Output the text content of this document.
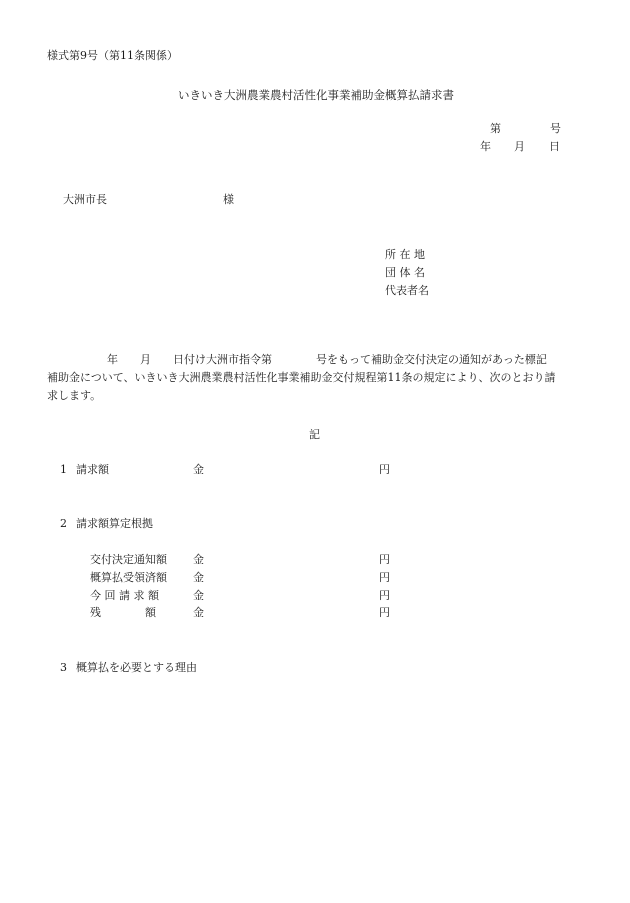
様式第9号（第11条関係）
いきいき大洲農業農村活性化事業補助金概算払請求書
第	号
年 月 日
大洲市長	様
所 在 地
団 体 名
代表者名
年　　月　　日付け大洲市指令第　　　　号をもって補助金交付決定の通知があった標記
補助金について、いきいき大洲農業農村活性化事業補助金交付規程第11条の規定により、次のとおり請
求します。
記
1 請求額	金	円
2 請求額算定根拠
交付決定通知額 金	円
概算払受領済額 金	円
今 回 請 求 額	金	円
残　　　　額	金	円
3 概算払を必要とする理由
